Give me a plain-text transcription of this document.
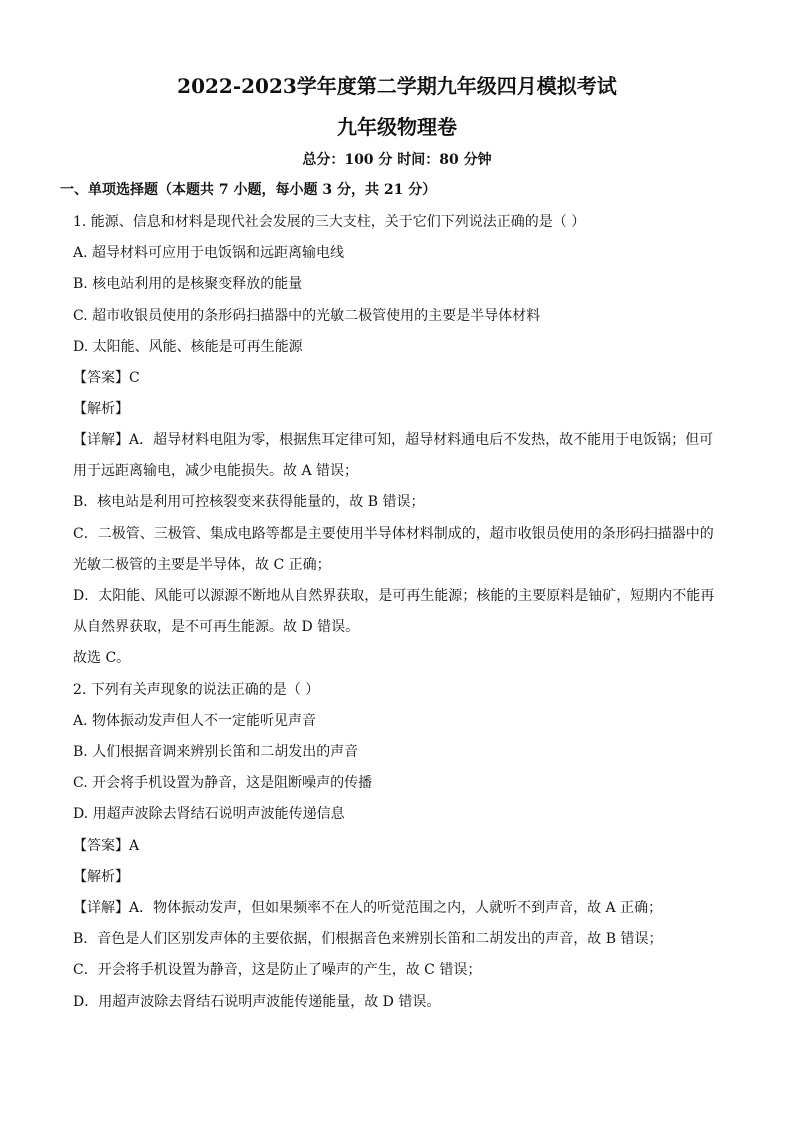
2022-2023学年度第二学期九年级四月模拟考试
九年级物理卷
总分：100 分 时间：80 分钟
一、单项选择题（本题共 7 小题，每小题 3 分，共 21 分）
1. 能源、信息和材料是现代社会发展的三大支柱，关于它们下列说法正确的是（ ）
A. 超导材料可应用于电饭锅和远距离输电线
B. 核电站利用的是核聚变释放的能量
C. 超市收银员使用的条形码扫描器中的光敏二极管使用的主要是半导体材料
D. 太阳能、风能、核能是可再生能源
【答案】C
【解析】
【详解】A．超导材料电阻为零，根据焦耳定律可知，超导材料通电后不发热，故不能用于电饭锅；但可
用于远距离输电，减少电能损失。故 A 错误；
B．核电站是利用可控核裂变来获得能量的，故 B 错误；
C．二极管、三极管、集成电路等都是主要使用半导体材料制成的，超市收银员使用的条形码扫描器中的
光敏二极管的主要是半导体，故 C 正确；
D．太阳能、风能可以源源不断地从自然界获取，是可再生能源；核能的主要原料是铀矿，短期内不能再
从自然界获取，是不可再生能源。故 D 错误。
故选 C。
2. 下列有关声现象的说法正确的是（ ）
A. 物体振动发声但人不一定能听见声音
B. 人们根据音调来辨别长笛和二胡发出的声音
C. 开会将手机设置为静音，这是阻断噪声的传播
D. 用超声波除去肾结石说明声波能传递信息
【答案】A
【解析】
【详解】A．物体振动发声，但如果频率不在人的听觉范围之内，人就听不到声音，故 A 正确；
B．音色是人们区别发声体的主要依据，们根据音色来辨别长笛和二胡发出的声音，故 B 错误；
C．开会将手机设置为静音，这是防止了噪声的产生，故 C 错误；
D．用超声波除去肾结石说明声波能传递能量，故 D 错误。
